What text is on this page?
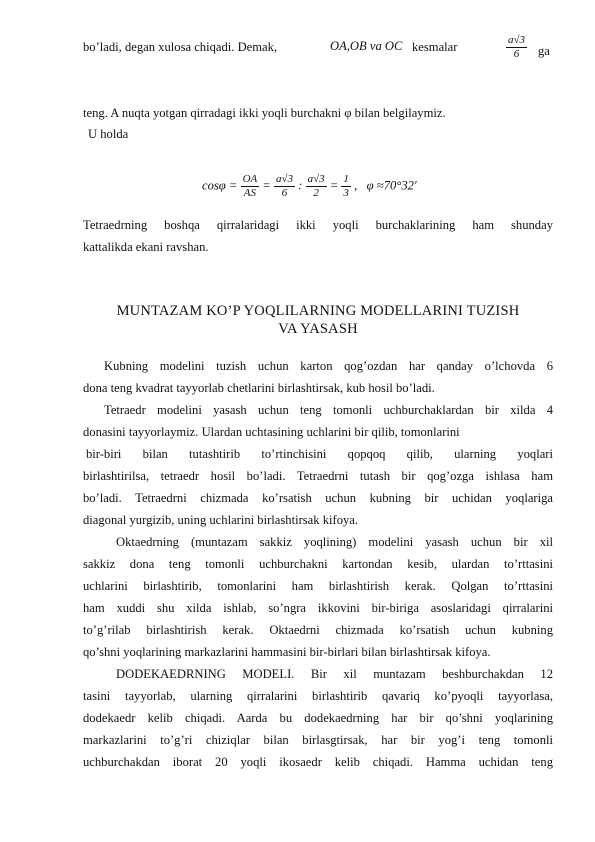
bo’ladi, degan xulosa chiqadi. Demak,	OA,OB va OC kesmalar	$\frac{a√3}{6}$ ga
teng. A nuqta yotgan qirradagi ikki yoqli burchakni φ bilan belgilaymiz.
U holda
$\cos\varphi = \frac{OA}{AS} = \frac{a√3}{6}$ : $\frac{a√3}{2} = \frac{1}{3}$ ,   φ ≈70°32′
Tetraedrning boshqa qirralaridagi ikki yoqli burchaklarining ham shunday
kattalikda ekani ravshan.
MUNTAZAM KO’P YOQLILARNING MODELLARINI TUZISH
VA YASASH
Kubning modelini tuzish uchun karton qog’ozdan har qanday o’lchovda 6
dona teng kvadrat tayyorlab chetlarini birlashtirsak, kub hosil bo’ladi.
Tetraedr modelini yasash uchun teng tomonli uchburchaklardan bir xilda 4
donasini tayyorlaymiz. Ulardan uchtasining uchlarini bir qilib, tomonlarini
bir-biri bilan tutashtirib to’rtinchisini qopqoq qilib, ularning yoqlari
birlashtirilsa, tetraedr hosil bo’ladi. Tetraedrni tutash bir qog’ozga ishlasa ham
bo’ladi. Tetraedrni chizmada ko’rsatish uchun kubning bir uchidan yoqlariga
diagonal yurgizib, uning uchlarini birlashtirsak kifoya.
Oktaedrning (muntazam sakkiz yoqlining) modelini yasash uchun bir xil
sakkiz dona teng tomonli uchburchakni kartondan kesib, ulardan to’rttasini
uchlarini birlashtirib, tomonlarini ham birlashtirish kerak. Qolgan to’rttasini
ham xuddi shu xilda ishlab, so’ngra ikkovini bir-biriga asoslaridagi qirralarini
to’g’rilab birlashtirish kerak. Oktaedrni chizmada ko’rsatish uchun kubning
qo’shni yoqlarining markazlarini hammasini bir-birlari bilan birlashtirsak kifoya.
DODEKAEDRNING MODELI. Bir xil muntazam beshburchakdan 12
tasini tayyorlab, ularning qirralarini birlashtirib qavariq ko’pyoqli tayyorlasa,
dodekaedr kelib chiqadi. Aarda bu dodekaedrning har bir qo’shni yoqlarining
markazlarini to’g’ri chiziqlar bilan birlasgtirsak, har bir yog’i teng tomonli
uchburchakdan iborat 20 yoqli ikosaedr kelib chiqadi. Hamma uchidan teng
